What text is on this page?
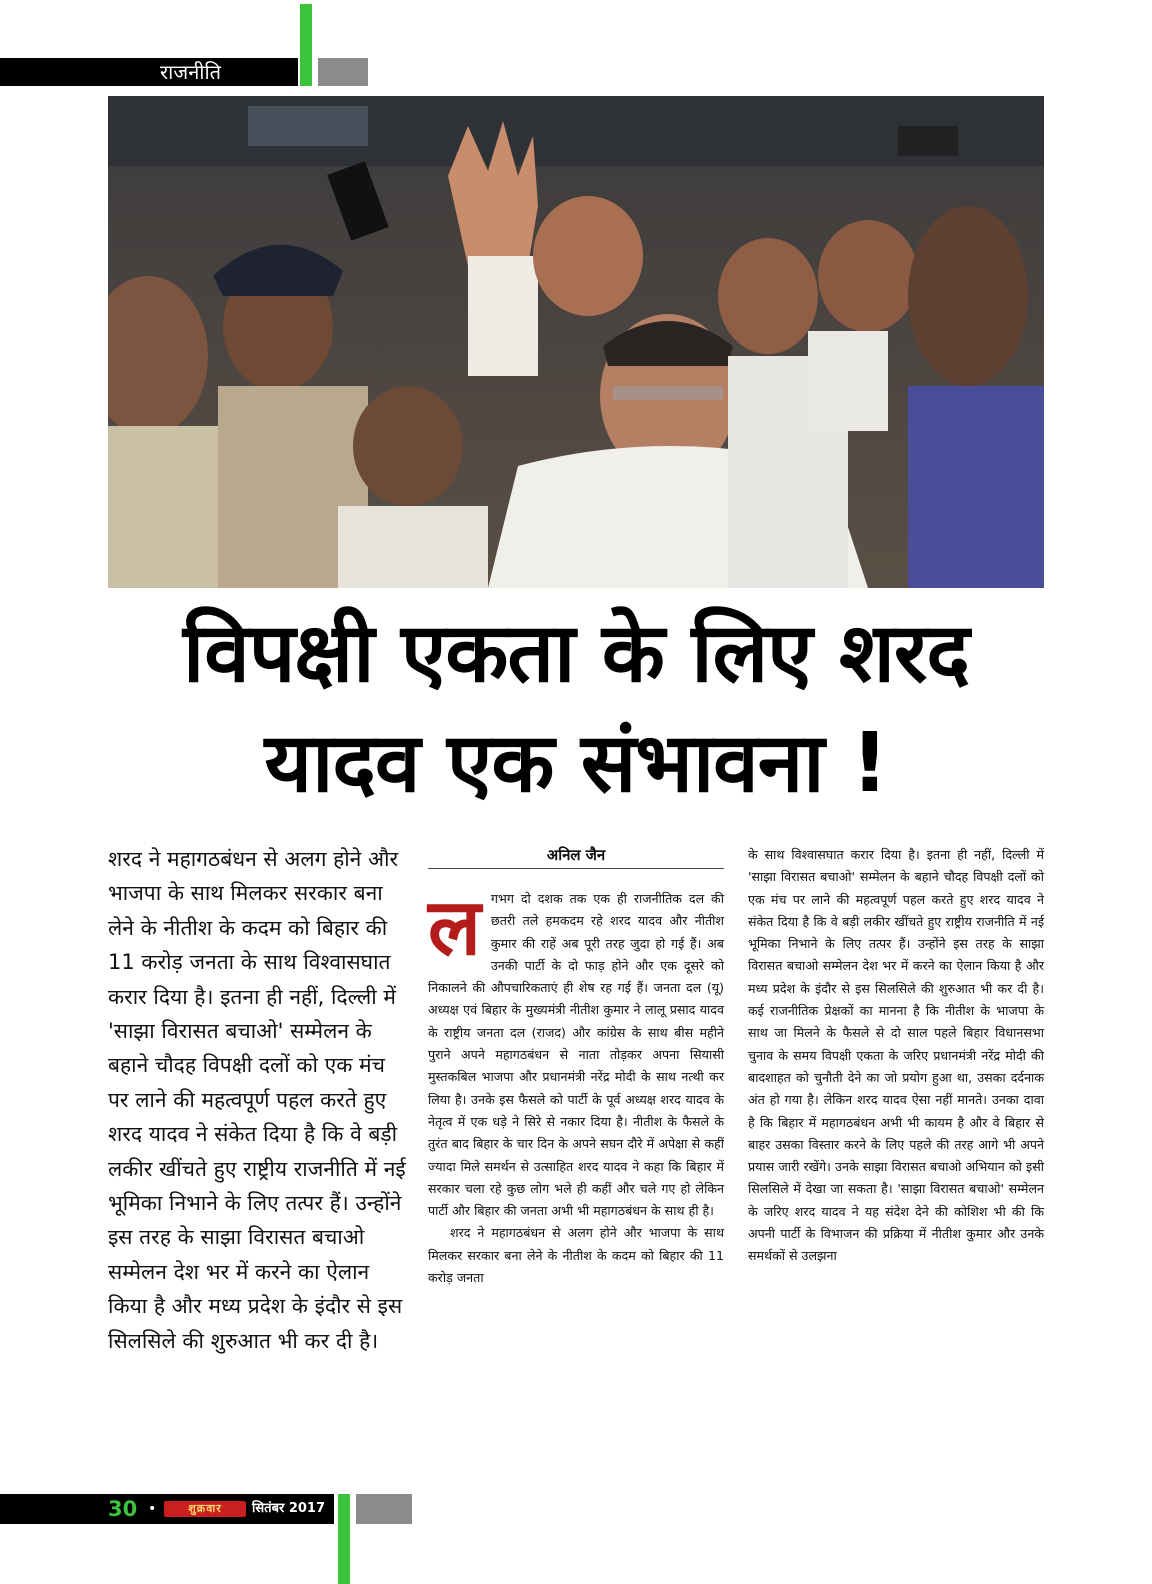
राजनीति
विपक्षी एकता के लिए शरद
यादव एक संभावना !
शरद ने महागठबंधन से अलग होने और भाजपा के साथ मिलकर सरकार बना लेने के नीतीश के कदम को बिहार की 11 करोड़ जनता के साथ विश्वासघात करार दिया है। इतना ही नहीं, दिल्ली में 'साझा विरासत बचाओ' सम्मेलन के बहाने चौदह विपक्षी दलों को एक मंच पर लाने की महत्वपूर्ण पहल करते हुए शरद यादव ने संकेत दिया है कि वे बड़ी लकीर खींचते हुए राष्ट्रीय राजनीति में नई भूमिका निभाने के लिए तत्पर हैं। उन्होंने इस तरह के साझा विरासत बचाओ सम्मेलन देश भर में करने का ऐलान किया है और मध्य प्रदेश के इंदौर से इस सिलसिले की शुरुआत भी कर दी है।
अनिल जैन

लगभग दो दशक तक एक ही राजनीतिक दल की छतरी तले हमकदम रहे शरद यादव और नीतीश कुमार की राहें अब पूरी तरह जुदा हो गई हैं। अब उनकी पार्टी के दो फाड़ होने और एक दूसरे को निकालने की औपचारिकताएं ही शेष रह गई हैं। जनता दल (यू) अध्यक्ष एवं बिहार के मुख्यमंत्री नीतीश कुमार ने लालू प्रसाद यादव के राष्ट्रीय जनता दल (राजद) और कांग्रेस के साथ बीस महीने पुराने अपने महागठबंधन से नाता तोड़कर अपना सियासी मुस्तकबिल भाजपा और प्रधानमंत्री नरेंद्र मोदी के साथ नत्थी कर लिया है। उनके इस फैसले को पार्टी के पूर्व अध्यक्ष शरद यादव के नेतृत्व में एक धड़े ने सिरे से नकार दिया है। नीतीश के फैसले के तुरंत बाद बिहार के चार दिन के अपने सघन दौरे में अपेक्षा से कहीं ज्यादा मिले समर्थन से उत्साहित शरद यादव ने कहा कि बिहार में सरकार चला रहे कुछ लोग भले ही कहीं और चले गए हो लेकिन पार्टी और बिहार की जनता अभी भी महागठबंधन के साथ ही है।

शरद ने महागठबंधन से अलग होने और भाजपा के साथ मिलकर सरकार बना लेने के नीतीश के कदम को बिहार की 11 करोड़ जनता

के साथ विश्वासघात करार दिया है। इतना ही नहीं, दिल्ली में 'साझा विरासत बचाओ' सम्मेलन के बहाने चौदह विपक्षी दलों को एक मंच पर लाने की महत्वपूर्ण पहल करते हुए शरद यादव ने संकेत दिया है कि वे बड़ी लकीर खींचते हुए राष्ट्रीय राजनीति में नई भूमिका निभाने के लिए तत्पर हैं। उन्होंने इस तरह के साझा विरासत बचाओ सम्मेलन देश भर में करने का ऐलान किया है और मध्य प्रदेश के इंदौर से इस सिलसिले की शुरुआत भी कर दी है। कई राजनीतिक प्रेक्षकों का मानना है कि नीतीश के भाजपा के साथ जा मिलने के फैसले से दो साल पहले बिहार विधानसभा चुनाव के समय विपक्षी एकता के जरिए प्रधानमंत्री नरेंद्र मोदी की बादशाहत को चुनौती देने का जो प्रयोग हुआ था, उसका दर्दनाक अंत हो गया है। लेकिन शरद यादव ऐसा नहीं मानते। उनका दावा है कि बिहार में महागठबंधन अभी भी कायम है और वे बिहार से बाहर उसका विस्तार करने के लिए पहले की तरह आगे भी अपने प्रयास जारी रखेंगे। उनके साझा विरासत बचाओ अभियान को इसी सिलसिले में देखा जा सकता है। 'साझा विरासत बचाओ' सम्मेलन के जरिए शरद यादव ने यह संदेश देने की कोशिश भी की कि अपनी पार्टी के विभाजन की प्रक्रिया में नीतीश कुमार और उनके समर्थकों से उलझना
30 •	शुक्रवार	सितंबर 2017
